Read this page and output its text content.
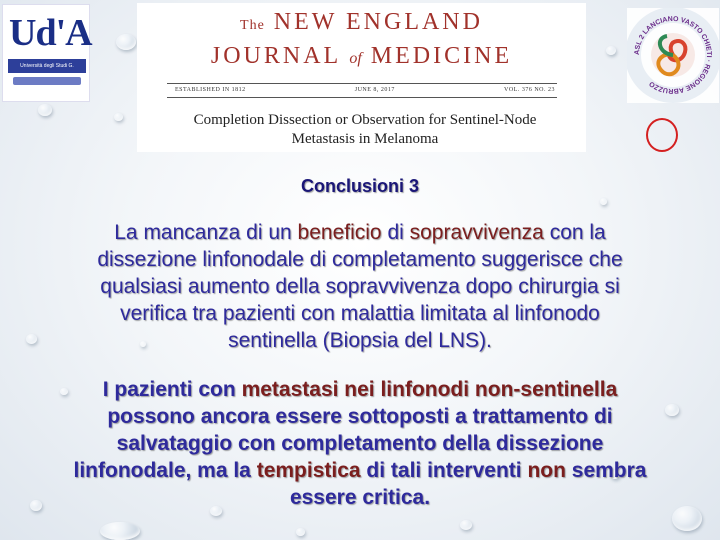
Ud'A
Università degli Studi G.
The NEW ENGLAND
JOURNAL of MEDICINE
ESTABLISHED IN 1812	JUNE 8, 2017	VOL. 376 NO. 23
Completion Dissection or Observation for Sentinel-Node
Metastasis in Melanoma
ASL 2 LANCIANO VASTO CHIETI · REGIONE ABRUZZO
Conclusioni 3
La mancanza di un beneficio di sopravvivenza con la
dissezione linfonodale di completamento suggerisce che
qualsiasi aumento della sopravvivenza dopo chirurgia si
verifica tra pazienti con malattia limitata al linfonodo
sentinella (Biopsia del LNS).
I pazienti con metastasi nei linfonodi non-sentinella
possono ancora essere sottoposti a trattamento di
salvataggio con completamento della dissezione
linfonodale, ma la tempistica di tali interventi non sembra
essere critica.
